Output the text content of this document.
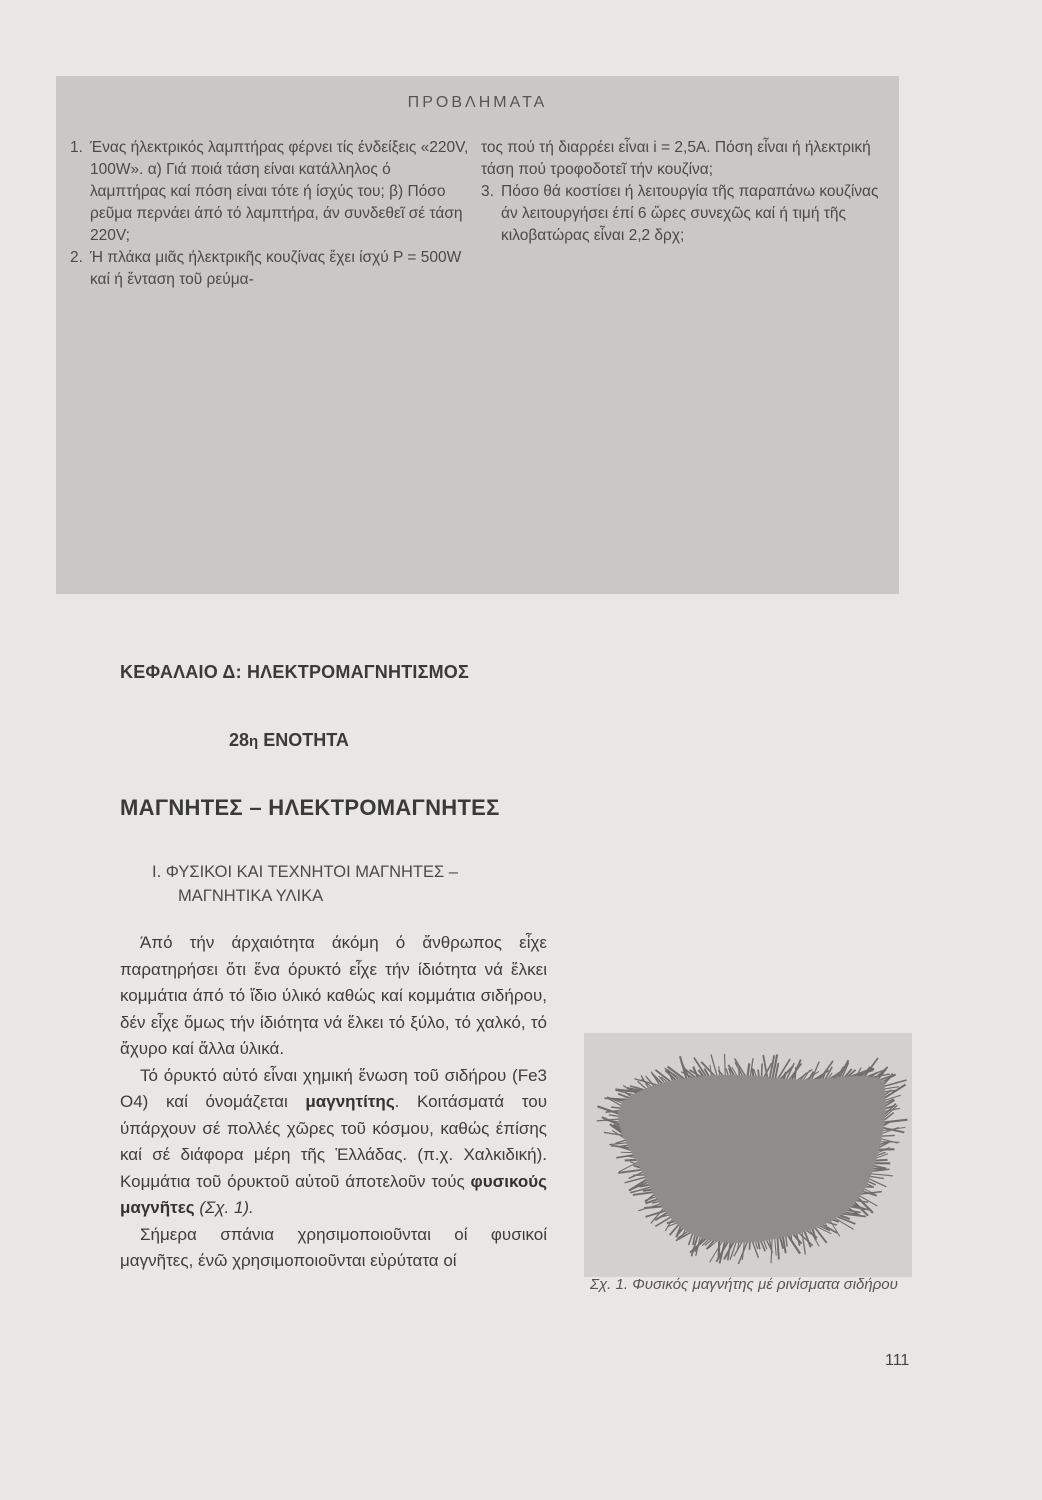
ΠΡΟΒΛΗΜΑΤΑ

1. Ένας ήλεκτρικός λαμπτήρας φέρνει τίς ένδείξεις «220V, 100W». α) Γιά ποιά τάση είναι κατάλληλος ό λαμπτήρας καί πόση είναι τότε ή ίσχύς του; β) Πόσο ρεῦμα περνάει άπό τό λαμπτήρα, άν συνδεθεῖ σέ τάση 220V;

2. Ή πλάκα μιᾶς ήλεκτρικῆς κουζίνας ἔχει ίσχύ P = 500W καί ή ἔνταση τοῦ ρεύμα-

τος πού τή διαρρέει εἶναι i = 2,5A. Πόση εἶναι ή ήλεκτρική τάση πού τροφοδοτεῖ τήν κουζίνα;

3. Πόσο θά κοστίσει ή λειτουργία τῆς παραπάνω κουζίνας άν λειτουργήσει έπί 6 ὥρες συνεχῶς καί ή τιμή τῆς κιλοβατώρας εἶναι 2,2 δρχ;

ΚΕΦΑΛΑΙΟ Δ: ΗΛΕΚΤΡΟΜΑΓΝΗΤΙΣΜΟΣ
28η ΕΝΟΤΗΤΑ
ΜΑΓΝΗΤΕΣ – ΗΛΕΚΤΡΟΜΑΓΝΗΤΕΣ
I. ΦΥΣΙΚΟΙ ΚΑΙ ΤΕΧΝΗΤΟΙ ΜΑΓΝΗΤΕΣ –
ΜΑΓΝΗΤΙΚΑ ΥΛΙΚΑ

Άπό τήν άρχαιότητα άκόμη ό ἄνθρωπος εἶχε παρατηρήσει ὅτι ἕνα όρυκτό εἶχε τήν ίδιότητα νά ἕλκει κομμάτια άπό τό ἴδιο ύλικό καθώς καί κομμάτια σιδήρου, δέν εἶχε ὅμως τήν ίδιότητα νά ἕλκει τό ξύλο, τό χαλκό, τό ἄχυρο καί ἄλλα ύλικά.

Τό όρυκτό αὐτό εἶναι χημική ἕνωση τοῦ σιδήρου (Fe3 O4) καί όνομάζεται μαγνητίτης. Κοιτάσματά του ύπάρχουν σέ πολλές χῶρες τοῦ κόσμου, καθώς έπίσης καί σέ διάφορα μέρη τῆς Ἑλλάδας. (π.χ. Χαλκιδική). Κομμάτια τοῦ όρυκτοῦ αὐτοῦ άποτελοῦν τούς φυσικούς μαγνῆτες (Σχ. 1).

Σήμερα σπάνια χρησιμοποιοῦνται οί φυσικοί μαγνῆτες, ένῶ χρησιμοποιοῦνται εὐρύτατα οί

Σχ. 1. Φυσικός μαγνήτης μέ ρινίσματα σιδήρου
111
